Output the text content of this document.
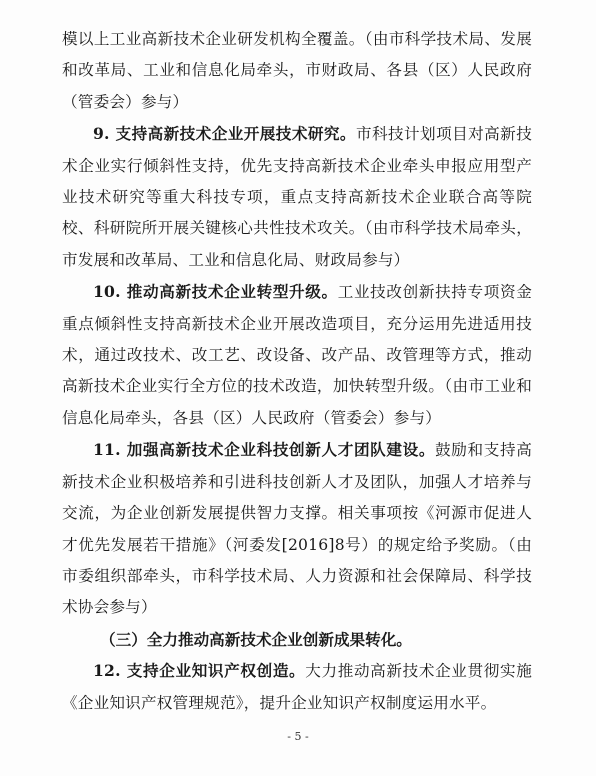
模以上工业高新技术企业研发机构全覆盖。（由市科学技术局、发展和改革局、工业和信息化局牵头，市财政局、各县（区）人民政府（管委会）参与）

9. 支持高新技术企业开展技术研究。市科技计划项目对高新技术企业实行倾斜性支持，优先支持高新技术企业牵头申报应用型产业技术研究等重大科技专项，重点支持高新技术企业联合高等院校、科研院所开展关键核心共性技术攻关。（由市科学技术局牵头，市发展和改革局、工业和信息化局、财政局参与）

10. 推动高新技术企业转型升级。工业技改创新扶持专项资金重点倾斜性支持高新技术企业开展改造项目，充分运用先进适用技术，通过改技术、改工艺、改设备、改产品、改管理等方式，推动高新技术企业实行全方位的技术改造，加快转型升级。（由市工业和信息化局牵头，各县（区）人民政府（管委会）参与）

11. 加强高新技术企业科技创新人才团队建设。鼓励和支持高新技术企业积极培养和引进科技创新人才及团队，加强人才培养与交流，为企业创新发展提供智力支撑。相关事项按《河源市促进人才优先发展若干措施》（河委发[2016]8号）的规定给予奖励。（由市委组织部牵头，市科学技术局、人力资源和社会保障局、科学技术协会参与）

（三）全力推动高新技术企业创新成果转化。

12. 支持企业知识产权创造。大力推动高新技术企业贯彻实施《企业知识产权管理规范》，提升企业知识产权制度运用水平。

- 5 -
